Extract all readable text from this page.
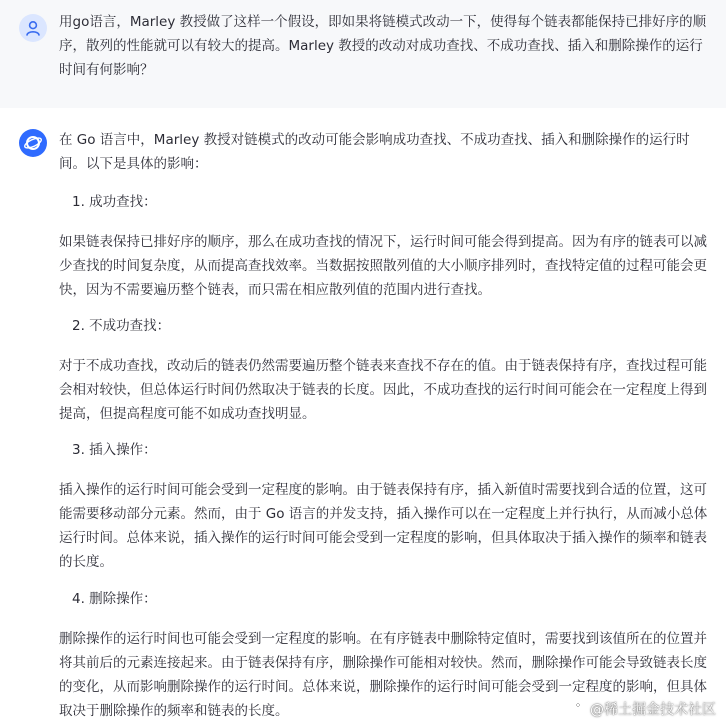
用go语言，Marley 教授做了这样一个假设，即如果将链模式改动一下，使得每个链表都能保持已排好序的顺序，散列的性能就可以有较大的提高。Marley 教授的改动对成功查找、不成功查找、插入和删除操作的运行时间有何影响？

在 Go 语言中，Marley 教授对链模式的改动可能会影响成功查找、不成功查找、插入和删除操作的运行时间。以下是具体的影响：

1. 成功查找：

如果链表保持已排好序的顺序，那么在成功查找的情况下，运行时间可能会得到提高。因为有序的链表可以减少查找的时间复杂度，从而提高查找效率。当数据按照散列值的大小顺序排列时，查找特定值的过程可能会更快，因为不需要遍历整个链表，而只需在相应散列值的范围内进行查找。

2. 不成功查找：

对于不成功查找，改动后的链表仍然需要遍历整个链表来查找不存在的值。由于链表保持有序，查找过程可能会相对较快，但总体运行时间仍然取决于链表的长度。因此，不成功查找的运行时间可能会在一定程度上得到提高，但提高程度可能不如成功查找明显。

3. 插入操作：

插入操作的运行时间可能会受到一定程度的影响。由于链表保持有序，插入新值时需要找到合适的位置，这可能需要移动部分元素。然而，由于 Go 语言的并发支持，插入操作可以在一定程度上并行执行，从而减小总体运行时间。总体来说，插入操作的运行时间可能会受到一定程度的影响，但具体取决于插入操作的频率和链表的长度。

4. 删除操作：

删除操作的运行时间也可能会受到一定程度的影响。在有序链表中删除特定值时，需要找到该值所在的位置并将其前后的元素连接起来。由于链表保持有序，删除操作可能相对较快。然而，删除操作可能会导致链表长度的变化，从而影响删除操作的运行时间。总体来说，删除操作的运行时间可能会受到一定程度的影响，但具体取决于删除操作的频率和链表的长度。	@稀土掘金技术社区
